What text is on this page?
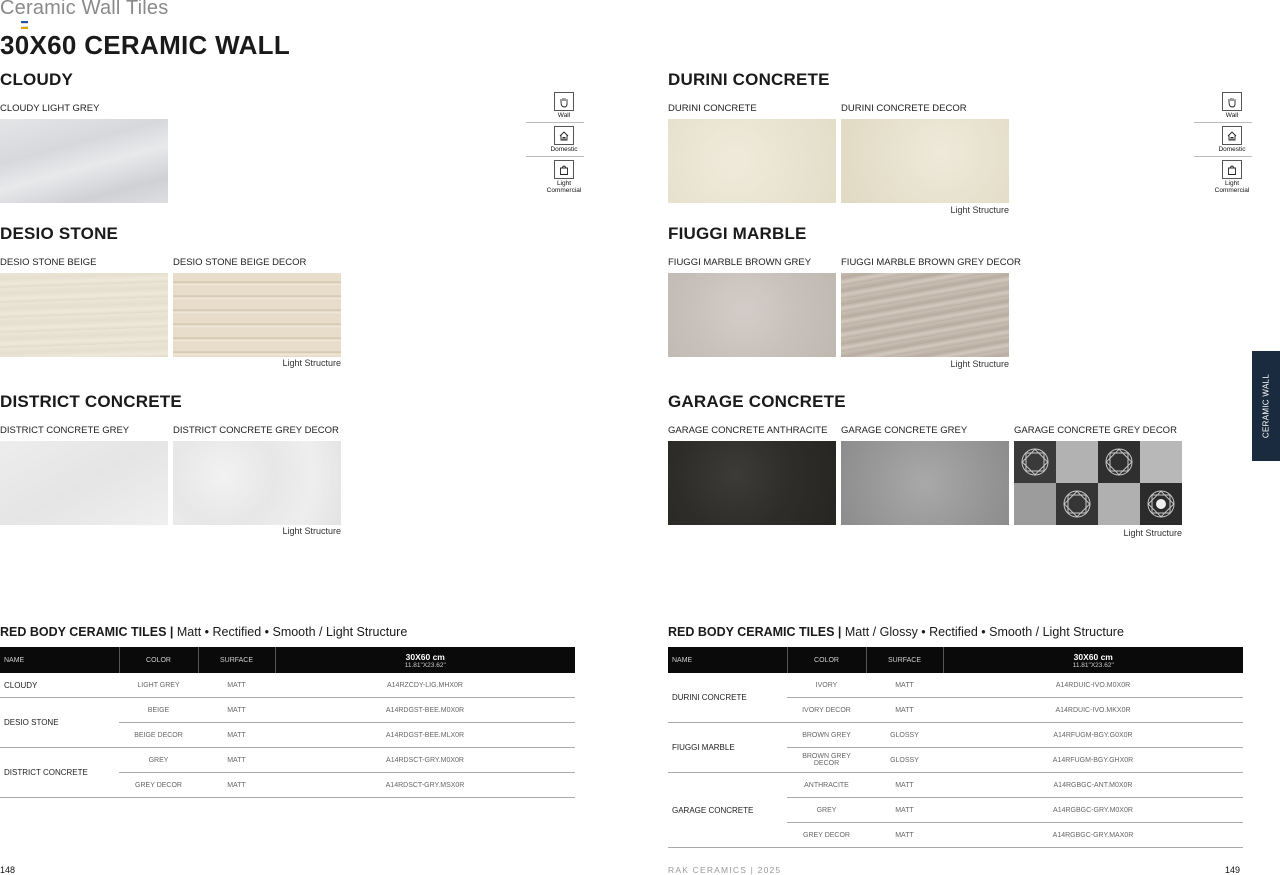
Ceramic Wall Tiles
30X60 CERAMIC WALL
CLOUDY
CLOUDY LIGHT GREY
Wall
Domestic
Light
Commercial
DESIO STONE
DESIO STONE BEIGE	DESIO STONE BEIGE DECOR
Light Structure
DISTRICT CONCRETE
DISTRICT CONCRETE GREY	DISTRICT CONCRETE GREY DECOR
Light Structure
DURINI CONCRETE
DURINI CONCRETE	DURINI CONCRETE DECOR
Light Structure
Wall
Domestic
Light
Commercial
FIUGGI MARBLE
FIUGGI MARBLE BROWN GREY	FIUGGI MARBLE BROWN GREY DECOR
Light Structure
GARAGE CONCRETE
GARAGE CONCRETE ANTHRACITE GARAGE CONCRETE GREY	GARAGE CONCRETE GREY DECOR
Light Structure
CERAMIC WALL
RED BODY CERAMIC TILES | Matt • Rectified • Smooth / Light Structure
NAME	COLOR	SURFACE	30X60 cm
11.81"X23.62"

CLOUDY	LIGHT GREY	MATT	A14RZCDY-LIG.MHX0R
DESIO STONE	BEIGE	MATT	A14RDGST-BEE.M0X0R
	BEIGE DECOR	MATT	A14RDGST-BEE.MLX0R
DISTRICT CONCRETE	GREY	MATT	A14RDSCT-GRY.M0X0R
	GREY DECOR	MATT	A14RDSCT-GRY.MSX0R
RED BODY CERAMIC TILES | Matt / Glossy • Rectified • Smooth / Light Structure
NAME	COLOR	SURFACE	30X60 cm
11.81"X23.62"

DURINI CONCRETE	IVORY	MATT	A14RDUIC-IVO.M0X0R
	IVORY DECOR	MATT	A14RDUIC-IVO.MKX0R
FIUGGI MARBLE	BROWN GREY	GLOSSY	A14RFUGM-BGY.G0X0R
	BROWN GREY DECOR	GLOSSY	A14RFUGM-BGY.GHX0R
GARAGE CONCRETE	ANTHRACITE	MATT	A14RGBGC-ANT.M0X0R
	GREY	MATT	A14RGBGC-GRY.M0X0R
	GREY DECOR	MATT	A14RGBGC-GRY.MAX0R
148	RAK CERAMICS | 2025	149
